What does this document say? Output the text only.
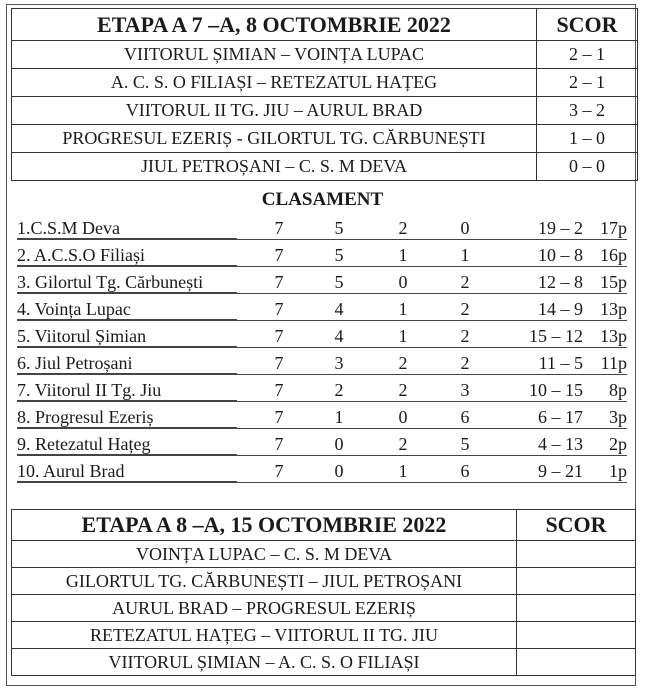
ETAPA A 7 –A, 8 OCTOMBRIE 2022	SCOR
VIITORUL ȘIMIAN – VOINȚA LUPAC	2 – 1
A. C. S. O FILIAȘI – RETEZATUL HAȚEG	2 – 1
VIITORUL II TG. JIU – AURUL BRAD	3 – 2
PROGRESUL EZERIȘ - GILORTUL TG. CĂRBUNEȘTI	1 – 0
JIUL PETROȘANI – C. S. M DEVA	0 – 0
CLASAMENT
1.C.S.M Deva	7	5	2	0	19 – 2 17p
2. A.C.S.O Filiași	7	5	1	1	10 – 8 16p
3. Gilortul Tg. Cărbunești	7	5	0	2	12 – 8 15p
4. Voința Lupac	7	4	1	2	14 – 9 13p
5. Viitorul Șimian	7	4	1	2	15 – 12 13p
6. Jiul Petroșani	7	3	2	2	11 – 5 11p
7. Viitorul II Tg. Jiu	7	2	2	3	10 – 15	8p
8. Progresul Ezeriș	7	1	0	6	6 – 17	3p
9. Retezatul Hațeg	7	0	2	5	4 – 13	2p
10. Aurul Brad	7	0	1	6	9 – 21	1p
ETAPA A 8 –A, 15 OCTOMBRIE 2022	SCOR
VOINȚA LUPAC – C. S. M DEVA	
GILORTUL TG. CĂRBUNEȘTI – JIUL PETROȘANI	
AURUL BRAD – PROGRESUL EZERIȘ	
RETEZATUL HAȚEG – VIITORUL II TG. JIU	
VIITORUL ȘIMIAN – A. C. S. O FILIAȘI	
